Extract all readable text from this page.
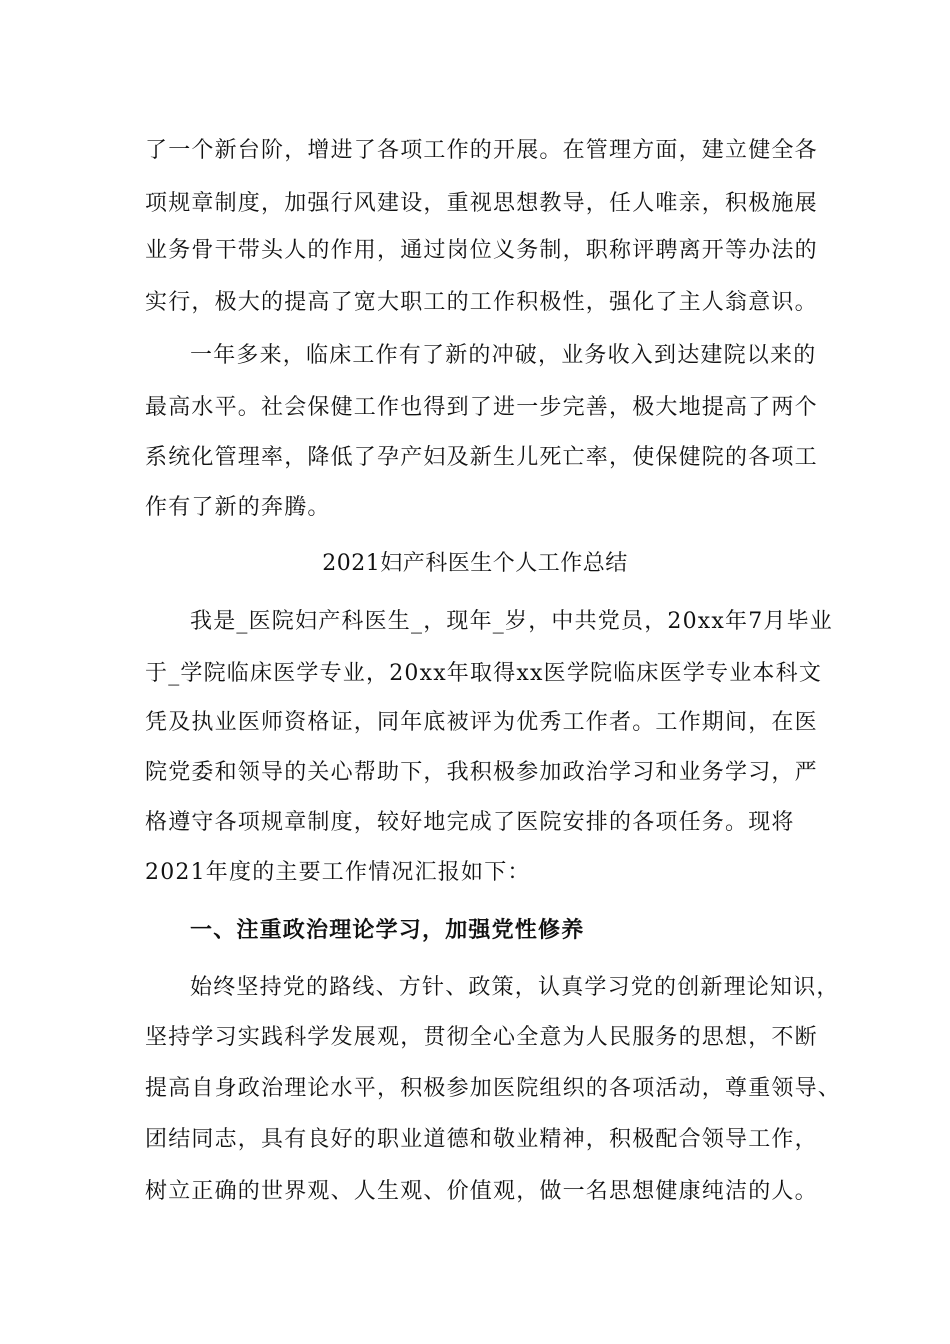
了一个新台阶，增进了各项工作的开展。在管理方面，建立健全各
项规章制度，加强行风建设，重视思想教导，任人唯亲，积极施展
业务骨干带头人的作用，通过岗位义务制，职称评聘离开等办法的
实行，极大的提高了宽大职工的工作积极性，强化了主人翁意识。
一年多来，临床工作有了新的冲破，业务收入到达建院以来的
最高水平。社会保健工作也得到了进一步完善，极大地提高了两个
系统化管理率，降低了孕产妇及新生儿死亡率，使保健院的各项工
作有了新的奔腾。
2021妇产科医生个人工作总结
我是_医院妇产科医生_，现年_岁，中共党员，20xx年7月毕业
于_学院临床医学专业，20xx年取得xx医学院临床医学专业本科文
凭及执业医师资格证，同年底被评为优秀工作者。工作期间，在医
院党委和领导的关心帮助下，我积极参加政治学习和业务学习，严
格遵守各项规章制度，较好地完成了医院安排的各项任务。现将
2021年度的主要工作情况汇报如下：
一、注重政治理论学习，加强党性修养
始终坚持党的路线、方针、政策，认真学习党的创新理论知识，
坚持学习实践科学发展观，贯彻全心全意为人民服务的思想，不断
提高自身政治理论水平，积极参加医院组织的各项活动，尊重领导、
团结同志，具有良好的职业道德和敬业精神，积极配合领导工作，
树立正确的世界观、人生观、价值观，做一名思想健康纯洁的人。
